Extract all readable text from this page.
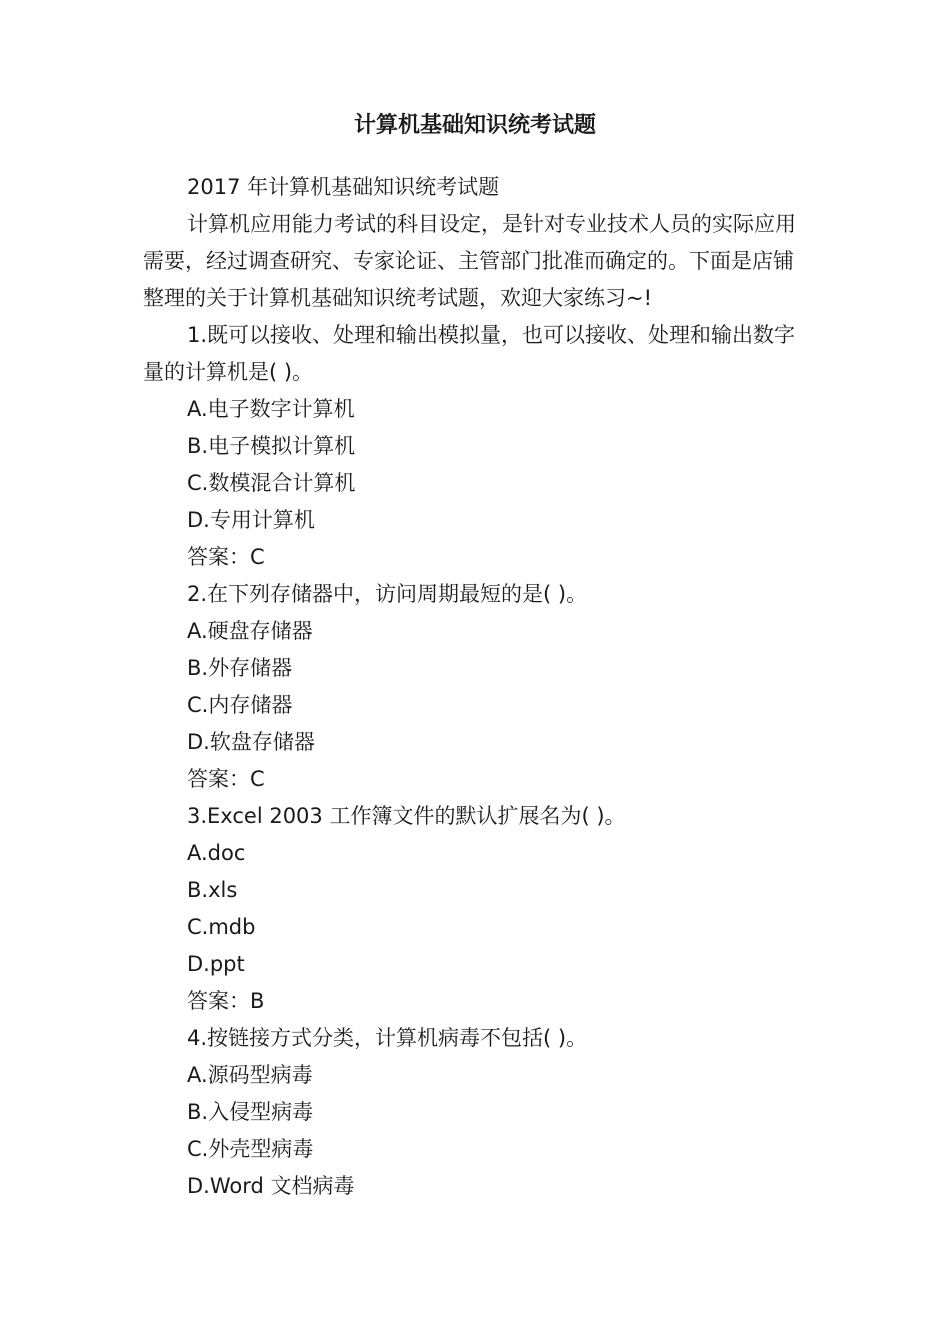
计算机基础知识统考试题

2017 年计算机基础知识统考试题

计算机应用能力考试的科目设定，是针对专业技术人员的实际应用需要，经过调查研究、专家论证、主管部门批准而确定的。下面是店铺整理的关于计算机基础知识统考试题，欢迎大家练习~!

1.既可以接收、处理和输出模拟量，也可以接收、处理和输出数字量的计算机是( )。

A.电子数字计算机

B.电子模拟计算机

C.数模混合计算机

D.专用计算机

答案：C

2.在下列存储器中，访问周期最短的是( )。

A.硬盘存储器

B.外存储器

C.内存储器

D.软盘存储器

答案：C

3.Excel 2003 工作簿文件的默认扩展名为( )。

A.doc

B.xls

C.mdb

D.ppt

答案：B

4.按链接方式分类，计算机病毒不包括( )。

A.源码型病毒

B.入侵型病毒

C.外壳型病毒

D.Word 文档病毒
